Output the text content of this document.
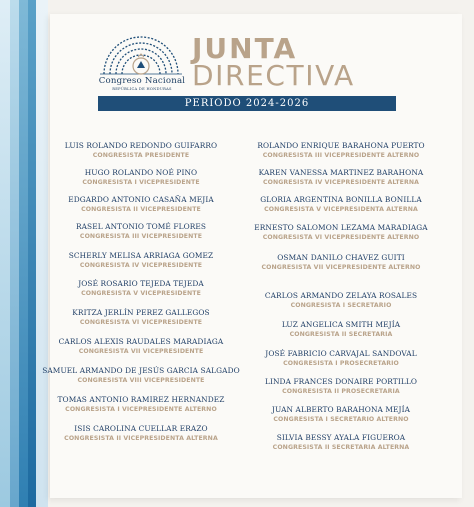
Congreso Nacional
REPÚBLICA DE HONDURAS
JUNTA
DIRECTIVA
PERIODO 2024-2026
LUIS ROLANDO REDONDO GUIFARRO
CONGRESISTA PRESIDENTE
HUGO ROLANDO NOÉ PINO
CONGRESISTA I VICEPRESIDENTE
EDGARDO ANTONIO CASAÑA MEJIA
CONGRESISTA II VICEPRESIDENTE
RASEL ANTONIO TOMÉ FLORES
CONGRESISTA III VICEPRESIDENTE
SCHERLY MELISA ARRIAGA GOMEZ
CONGRESISTA IV VICEPRESIDENTE
JOSÉ ROSARIO TEJEDA TEJEDA
CONGRESISTA V VICEPRESIDENTE
KRITZA JERLÍN PEREZ GALLEGOS
CONGRESISTA VI VICEPRESIDENTE
CARLOS ALEXIS RAUDALES MARADIAGA
CONGRESISTA VII VICEPRESIDENTE
SAMUEL ARMANDO DE JESÚS GARCIA SALGADO
CONGRESISTA VIII VICEPRESIDENTE
TOMAS ANTONIO RAMIREZ HERNANDEZ
CONGRESISTA I VICEPRESIDENTE ALTERNO
ISIS CAROLINA CUELLAR ERAZO
CONGRESISTA II VICEPRESIDENTA ALTERNA
ROLANDO ENRIQUE BARAHONA PUERTO
CONGRESISTA III VICEPRESIDENTE ALTERNO
KAREN VANESSA MARTINEZ BARAHONA
CONGRESISTA IV VICEPRESIDENTE ALTERNA
GLORIA ARGENTINA BONILLA BONILLA
CONGRESISTA V VICEPRESIDENTA ALTERNA
ERNESTO SALOMON LEZAMA MARADIAGA
CONGRESISTA VI VICEPRESIDENTE ALTERNO
OSMAN DANILO CHAVEZ GUITI
CONGRESISTA VII VICEPRESIDENTE ALTERNO
CARLOS ARMANDO ZELAYA ROSALES
CONGRESISTA I SECRETARIO
LUZ ANGELICA SMITH MEJÍA
CONGRESISTA II SECRETARIA
JOSÉ FABRICIO CARVAJAL SANDOVAL
CONGRESISTA I PROSECRETARIO
LINDA FRANCES DONAIRE PORTILLO
CONGRESISTA II PROSECRETARIA
JUAN ALBERTO BARAHONA MEJÍA
CONGRESISTA I SECRETARIO ALTERNO
SILVIA BESSY AYALA FIGUEROA
CONGRESISTA II SECRETARIA ALTERNA
